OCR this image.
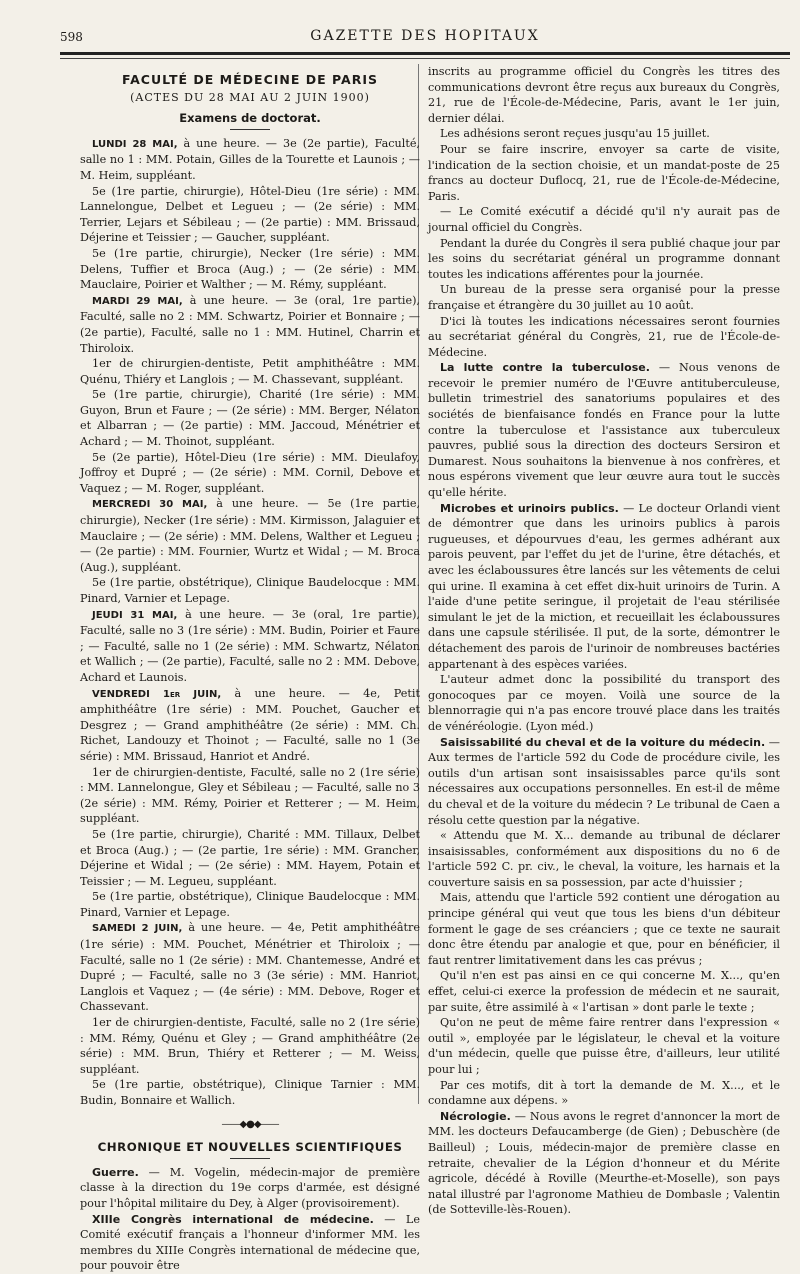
598	GAZETTE DES HOPITAUX
FACULTÉ DE MÉDECINE DE PARIS
(ACTES DU 28 MAI AU 2 JUIN 1900)
Examens de doctorat.

LUNDI 28 MAI, à une heure. — 3e (2e partie), Faculté, salle no 1 : MM. Potain, Gilles de la Tourette et Launois ; — M. Heim, suppléant.

5e (1re partie, chirurgie), Hôtel-Dieu (1re série) : MM. Lannelongue, Delbet et Legueu ; — (2e série) : MM. Terrier, Lejars et Sébileau ; — (2e partie) : MM. Brissaud, Déjerine et Teissier ; — Gaucher, suppléant.

5e (1re partie, chirurgie), Necker (1re série) : MM. Delens, Tuffier et Broca (Aug.) ; — (2e série) : MM. Mauclaire, Poirier et Walther ; — M. Rémy, suppléant.

MARDI 29 MAI, à une heure. — 3e (oral, 1re partie), Faculté, salle no 2 : MM. Schwartz, Poirier et Bonnaire ; — (2e partie), Faculté, salle no 1 : MM. Hutinel, Charrin et Thiroloix.

1er de chirurgien-dentiste, Petit amphithéâtre : MM. Quénu, Thiéry et Langlois ; — M. Chassevant, suppléant.

5e (1re partie, chirurgie), Charité (1re série) : MM. Guyon, Brun et Faure ; — (2e série) : MM. Berger, Nélaton et Albarran ; — (2e partie) : MM. Jaccoud, Ménétrier et Achard ; — M. Thoinot, suppléant.

5e (2e partie), Hôtel-Dieu (1re série) : MM. Dieulafoy, Joffroy et Dupré ; — (2e série) : MM. Cornil, Debove et Vaquez ; — M. Roger, suppléant.

MERCREDI 30 MAI, à une heure. — 5e (1re partie, chirurgie), Necker (1re série) : MM. Kirmisson, Jalaguier et Mauclaire ; — (2e série) : MM. Delens, Walther et Legueu ; — (2e partie) : MM. Fournier, Wurtz et Widal ; — M. Broca (Aug.), suppléant.

5e (1re partie, obstétrique), Clinique Baudelocque : MM. Pinard, Varnier et Lepage.

JEUDI 31 MAI, à une heure. — 3e (oral, 1re partie), Faculté, salle no 3 (1re série) : MM. Budin, Poirier et Faure ; — Faculté, salle no 1 (2e série) : MM. Schwartz, Nélaton et Wallich ; — (2e partie), Faculté, salle no 2 : MM. Debove, Achard et Launois.

VENDREDI 1er JUIN, à une heure. — 4e, Petit amphithéâtre (1re série) : MM. Pouchet, Gaucher et Desgrez ; — Grand amphithéâtre (2e série) : MM. Ch. Richet, Landouzy et Thoinot ; — Faculté, salle no 1 (3e série) : MM. Brissaud, Hanriot et André.

1er de chirurgien-dentiste, Faculté, salle no 2 (1re série) : MM. Lannelongue, Gley et Sébileau ; — Faculté, salle no 3 (2e série) : MM. Rémy, Poirier et Retterer ; — M. Heim, suppléant.

5e (1re partie, chirurgie), Charité : MM. Tillaux, Delbet et Broca (Aug.) ; — (2e partie, 1re série) : MM. Grancher, Déjerine et Widal ; — (2e série) : MM. Hayem, Potain et Teissier ; — M. Legueu, suppléant.

5e (1re partie, obstétrique), Clinique Baudelocque : MM. Pinard, Varnier et Lepage.

SAMEDI 2 JUIN, à une heure. — 4e, Petit amphithéâtre (1re série) : MM. Pouchet, Ménétrier et Thiroloix ; — Faculté, salle no 1 (2e série) : MM. Chantemesse, André et Dupré ; — Faculté, salle no 3 (3e série) : MM. Hanriot, Langlois et Vaquez ; — (4e série) : MM. Debove, Roger et Chassevant.

1er de chirurgien-dentiste, Faculté, salle no 2 (1re série) : MM. Rémy, Quénu et Gley ; — Grand amphithéâtre (2e série) : MM. Brun, Thiéry et Retterer ; — M. Weiss, suppléant.

5e (1re partie, obstétrique), Clinique Tarnier : MM. Budin, Bonnaire et Wallich.

——◆●◆——
CHRONIQUE ET NOUVELLES SCIENTIFIQUES

Guerre. — M. Vogelin, médecin-major de première classe à la direction du 19e corps d'armée, est désigné pour l'hôpital militaire du Dey, à Alger (provisoirement).

XIIIe Congrès international de médecine. — Le Comité exécutif français a l'honneur d'informer MM. les membres du XIIIe Congrès international de médecine que, pour pouvoir être

inscrits au programme officiel du Congrès les titres des communications devront être reçus aux bureaux du Congrès, 21, rue de l'École-de-Médecine, Paris, avant le 1er juin, dernier délai.

Les adhésions seront reçues jusqu'au 15 juillet.

Pour se faire inscrire, envoyer sa carte de visite, l'indication de la section choisie, et un mandat-poste de 25 francs au docteur Duflocq, 21, rue de l'École-de-Médecine, Paris.

— Le Comité exécutif a décidé qu'il n'y aurait pas de journal officiel du Congrès.

Pendant la durée du Congrès il sera publié chaque jour par les soins du secrétariat général un programme donnant toutes les indications afférentes pour la journée.

Un bureau de la presse sera organisé pour la presse française et étrangère du 30 juillet au 10 août.

D'ici là toutes les indications nécessaires seront fournies au secrétariat général du Congrès, 21, rue de l'École-de-Médecine.

La lutte contre la tuberculose. — Nous venons de recevoir le premier numéro de l'Œuvre antituberculeuse, bulletin trimestriel des sanatoriums populaires et des sociétés de bienfaisance fondés en France pour la lutte contre la tuberculose et l'assistance aux tuberculeux pauvres, publié sous la direction des docteurs Sersiron et Dumarest. Nous souhaitons la bienvenue à nos confrères, et nous espérons vivement que leur œuvre aura tout le succès qu'elle hérite.

Microbes et urinoirs publics. — Le docteur Orlandi vient de démontrer que dans les urinoirs publics à parois rugueuses, et dépourvues d'eau, les germes adhérant aux parois peuvent, par l'effet du jet de l'urine, être détachés, et avec les éclaboussures être lancés sur les vêtements de celui qui urine. Il examina à cet effet dix-huit urinoirs de Turin. A l'aide d'une petite seringue, il projetait de l'eau stérilisée simulant le jet de la miction, et recueillait les éclaboussures dans une capsule stérilisée. Il put, de la sorte, démontrer le détachement des parois de l'urinoir de nombreuses bactéries appartenant à des espèces variées.

L'auteur admet donc la possibilité du transport des gonocoques par ce moyen. Voilà une source de la blennorragie qui n'a pas encore trouvé place dans les traités de vénéréologie. (Lyon méd.)

Saisissabilité du cheval et de la voiture du médecin. — Aux termes de l'article 592 du Code de procédure civile, les outils d'un artisan sont insaisissables parce qu'ils sont nécessaires aux occupations personnelles. En est-il de même du cheval et de la voiture du médecin ? Le tribunal de Caen a résolu cette question par la négative.

« Attendu que M. X... demande au tribunal de déclarer insaisissables, conformément aux dispositions du no 6 de l'article 592 C. pr. civ., le cheval, la voiture, les harnais et la couverture saisis en sa possession, par acte d'huissier ;

Mais, attendu que l'article 592 contient une dérogation au principe général qui veut que tous les biens d'un débiteur forment le gage de ses créanciers ; que ce texte ne saurait donc être étendu par analogie et que, pour en bénéficier, il faut rentrer limitativement dans les cas prévus ;

Qu'il n'en est pas ainsi en ce qui concerne M. X..., qu'en effet, celui-ci exerce la profession de médecin et ne saurait, par suite, être assimilé à « l'artisan » dont parle le texte ;

Qu'on ne peut de même faire rentrer dans l'expression « outil », employée par le législateur, le cheval et la voiture d'un médecin, quelle que puisse être, d'ailleurs, leur utilité pour lui ;

Par ces motifs, dit à tort la demande de M. X..., et le condamne aux dépens. »

Nécrologie. — Nous avons le regret d'annoncer la mort de MM. les docteurs Defaucamberge (de Gien) ; Debuschère (de Bailleul) ; Louis, médecin-major de première classe en retraite, chevalier de la Légion d'honneur et du Mérite agricole, décédé à Roville (Meurthe-et-Moselle), son pays natal illustré par l'agronome Mathieu de Dombasle ; Valentin (de Sotteville-lès-Rouen).
